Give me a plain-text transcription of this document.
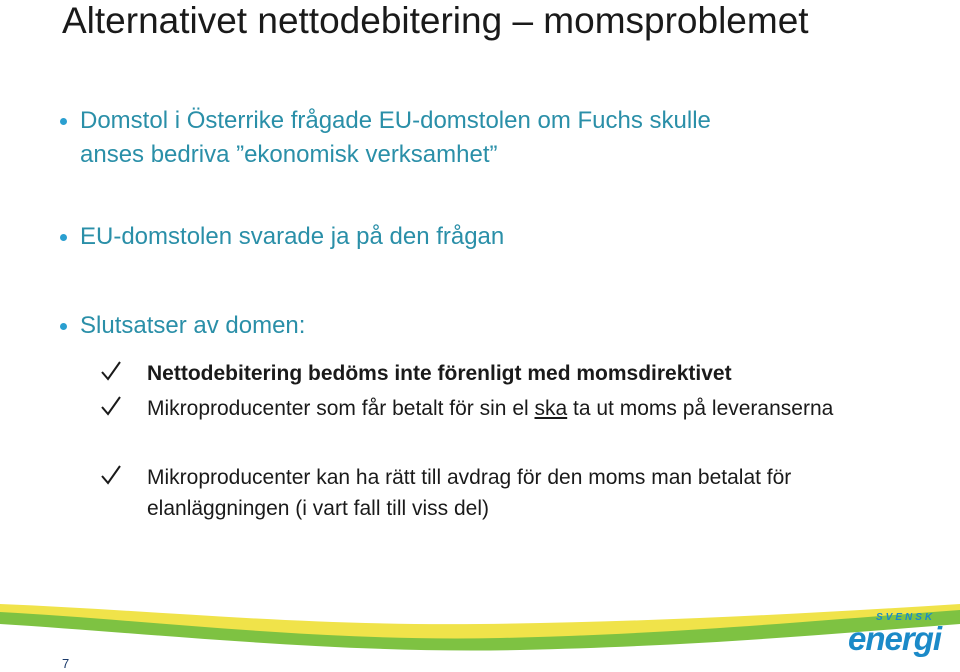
Alternativet nettodebitering – momsproblemet
Domstol i Österrike frågade EU-domstolen om Fuchs skulle
anses bedriva ”ekonomisk verksamhet”
EU-domstolen svarade ja på den frågan
Slutsatser av domen:
Nettodebitering bedöms inte förenligt med momsdirektivet
Mikroproducenter som får betalt för sin el ska ta ut moms på leveranserna
Mikroproducenter kan ha rätt till avdrag för den moms man betalat för elanläggningen (i vart fall till viss del)
7
SVENSK
energi
